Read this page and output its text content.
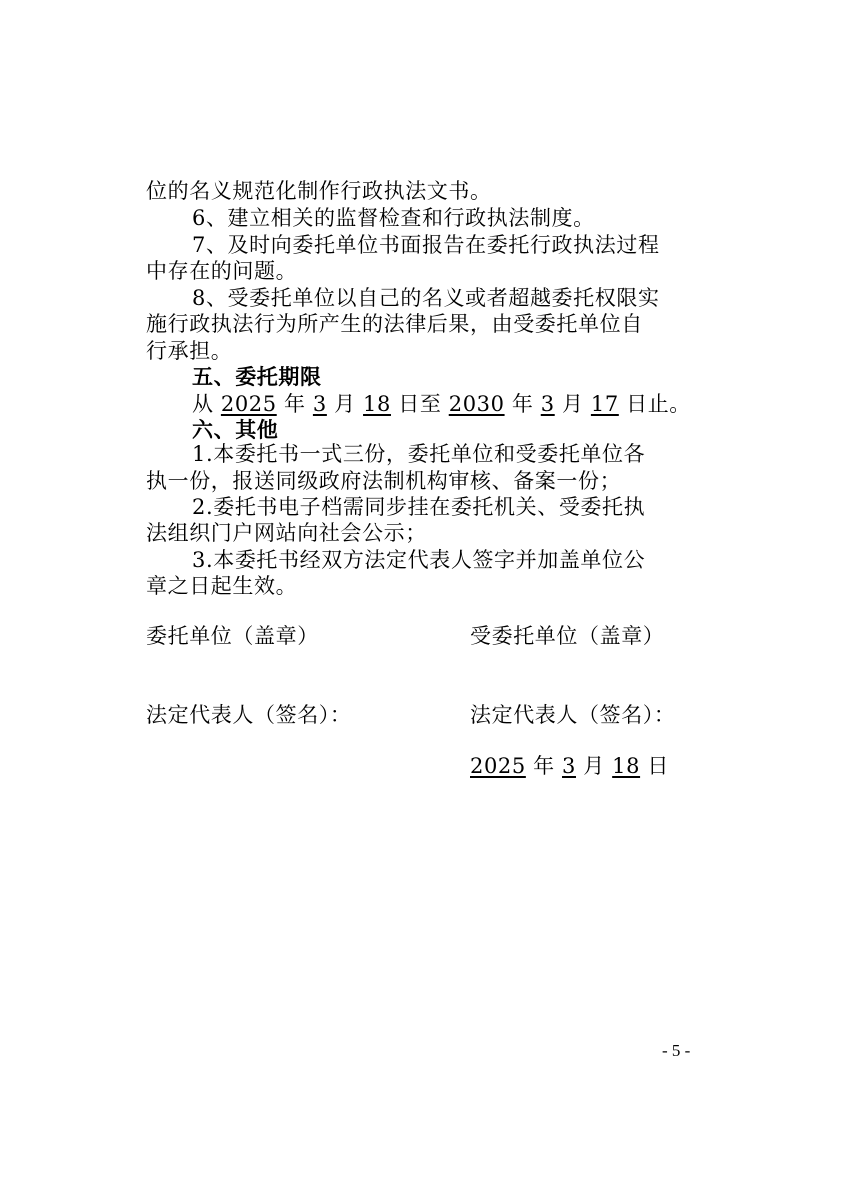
位的名义规范化制作行政执法文书。
6、建立相关的监督检查和行政执法制度。
7、及时向委托单位书面报告在委托行政执法过程
中存在的问题。
8、受委托单位以自己的名义或者超越委托权限实
施行政执法行为所产生的法律后果，由受委托单位自
行承担。
五、委托期限
从 2025 年 3 月 18 日至 2030 年 3 月 17 日止。
六、其他
1.本委托书一式三份，委托单位和受委托单位各
执一份，报送同级政府法制机构审核、备案一份；
2.委托书电子档需同步挂在委托机关、受委托执
法组织门户网站向社会公示；
3.本委托书经双方法定代表人签字并加盖单位公
章之日起生效。
委托单位（盖章）	受委托单位（盖章）
法定代表人（签名）：	法定代表人（签名）：
2025 年 3 月 18 日
- 5 -
